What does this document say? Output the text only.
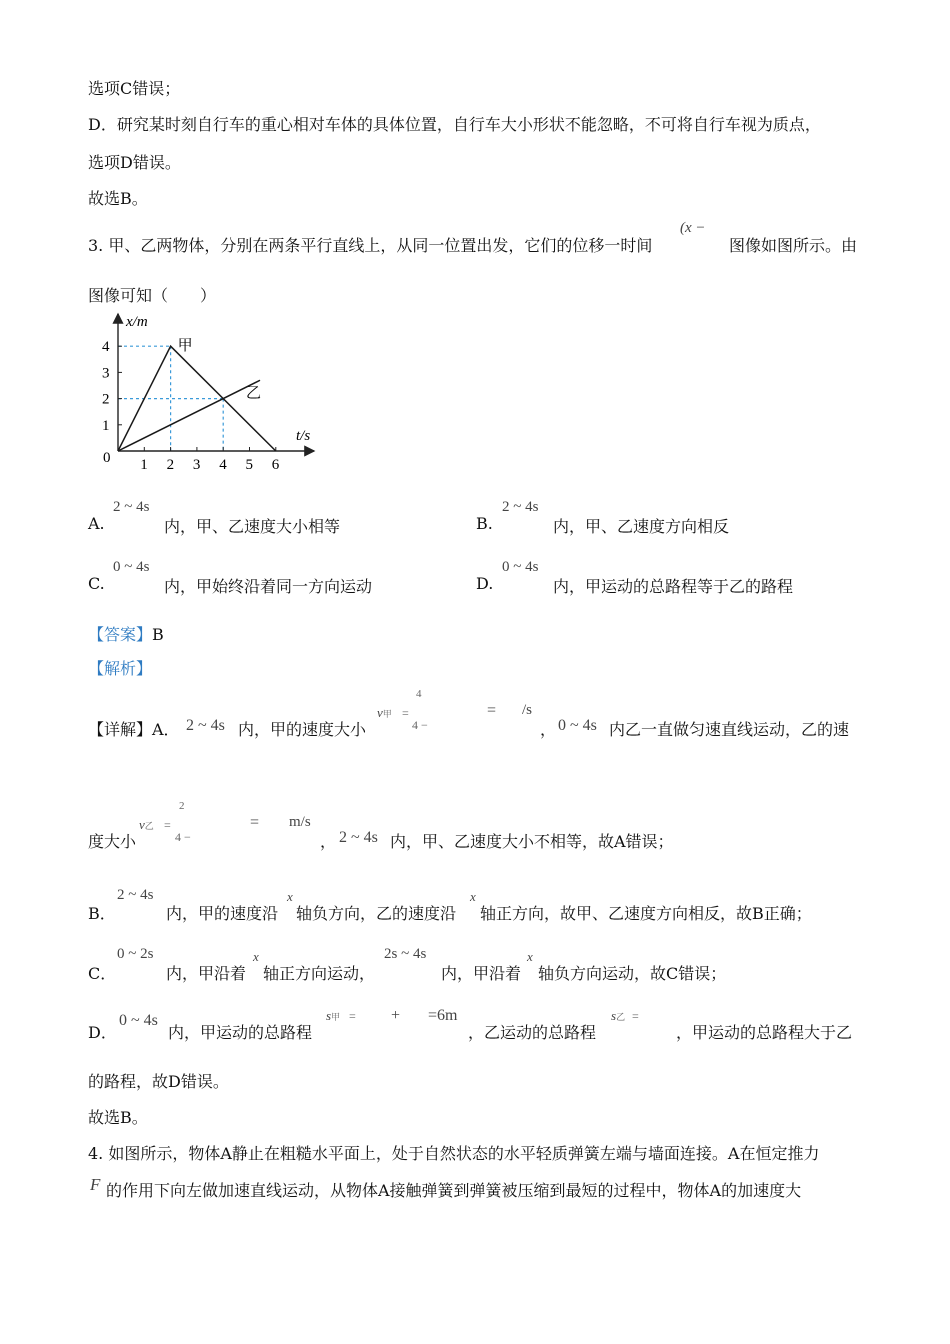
选项C错误；
D．研究某时刻自行车的重心相对车体的具体位置，自行车大小形状不能忽略，不可将自行车视为质点，
选项D错误。
故选B。
3. 甲、乙两物体，分别在两条平行直线上，从同一位置出发，它们的位移一时间
(x −
图像如图所示。由
图像可知（　　）
1 2 3 4 5 6
1
2
3
4	甲
乙
x/m
t/s
0
2 ~ 4s
A.	内，甲、乙速度大小相等
2 ~ 4s
B.	内，甲、乙速度方向相反
0 ~ 4s
C.	内，甲始终沿着同一方向运动
0 ~ 4s
D.	内，甲运动的总路程等于乙的路程
【答案】B
【解析】
【详解】A． 2 ~ 4s 内，甲的速度大小
v甲 =
4
4 −
= /s
， 0 ~ 4s 内乙一直做匀速直线运动，乙的速
度大小
v乙 =
2
4 −
= m/s
， 2 ~ 4s 内，甲、乙速度大小不相等，故A错误；
B．
2 ~ 4s
内，甲的速度沿
x
轴负方向，乙的速度沿
x
轴正方向，故甲、乙速度方向相反，故B正确；
C．
0 ~ 2s
内，甲沿着
x
轴正方向运动，
2s ~ 4s
内，甲沿着
x
轴负方向运动，故C错误；
D．
0 ~ 4s
内，甲运动的总路程
s甲 = + =6m
，乙运动的总路程
s乙 =
，甲运动的总路程大于乙
的路程，故D错误。
故选B。
4. 如图所示，物体A静止在粗糙水平面上，处于自然状态的水平轻质弹簧左端与墙面连接。A在恒定推力
F 的作用下向左做加速直线运动，从物体A接触弹簧到弹簧被压缩到最短的过程中，物体A的加速度大
